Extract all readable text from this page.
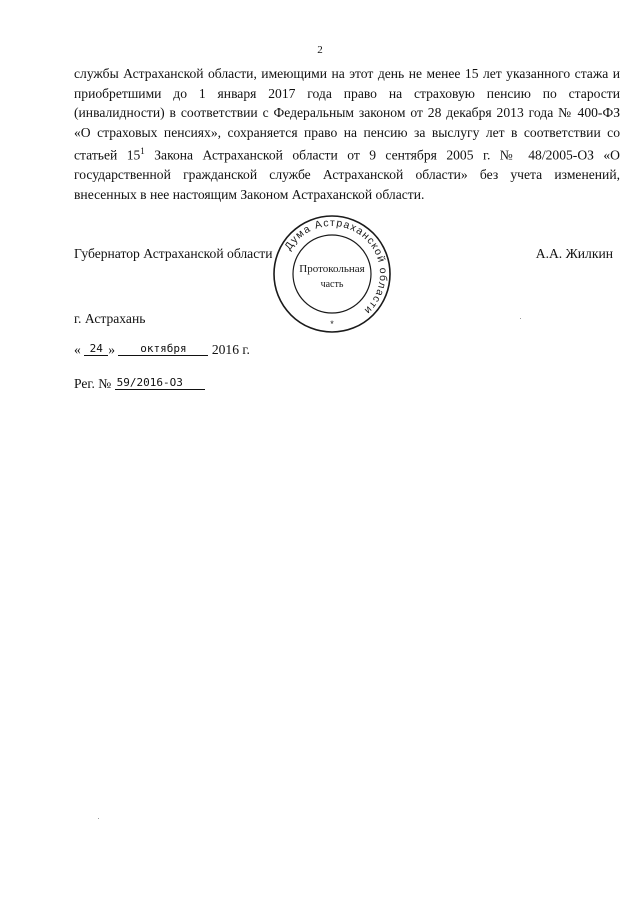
2

службы Астраханской области, имеющими на этот день не менее 15 лет указанного стажа и приобретшими до 1 января 2017 года право на страховую пенсию по старости (инвалидности) в соответствии с Федеральным законом от 28 декабря 2013 года № 400-ФЗ «О страховых пенсиях», сохраняется право на пенсию за выслугу лет в соответствии со статьей $15^1$ Закона Астраханской области от 9 сентября 2005 г. № 48/2005-ОЗ «О государственной гражданской службе Астраханской области» без учета изменений, внесенных в нее настоящим Законом Астраханской области.

Губернатор Астраханской области	А.А. Жилкин
г. Астрахань
« 24 » октября 2016 г.
Рег. № 59/2016-ОЗ
Дума Астраханской области
Протокольная
часть
*
